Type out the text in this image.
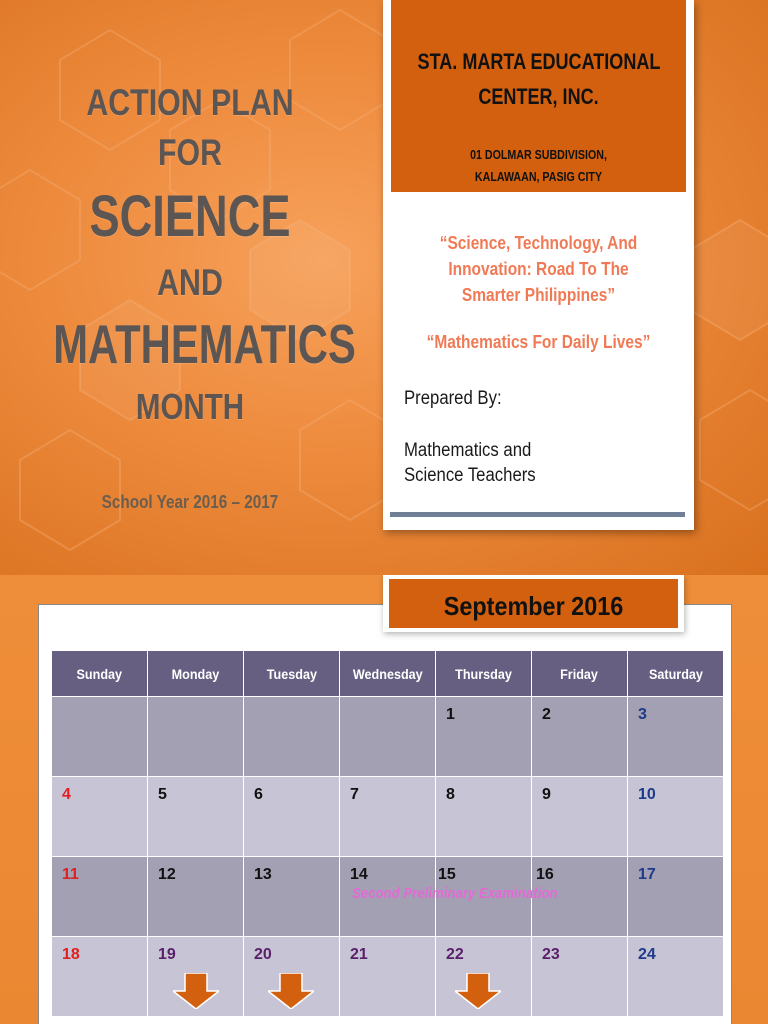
ACTION PLAN
FOR
SCIENCE
AND
MATHEMATICS
MONTH
School Year 2016 – 2017
STA. MARTA EDUCATIONAL
CENTER, INC.
01 DOLMAR SUBDIVISION,
KALAWAAN, PASIG CITY
“Science, Technology, And
Innovation: Road To The
Smarter Philippines”
“Mathematics For Daily Lives”
Prepared By:
Mathematics and
Science Teachers
September 2016
Sunday	Monday	Tuesday	Wednesday	Thursday	Friday	Saturday

				1	2	3

4	5	6	7	8	9	10

11	12	13	14	15	16	17

18	19	20	21	22	23	24
Second Preliminary Examination
